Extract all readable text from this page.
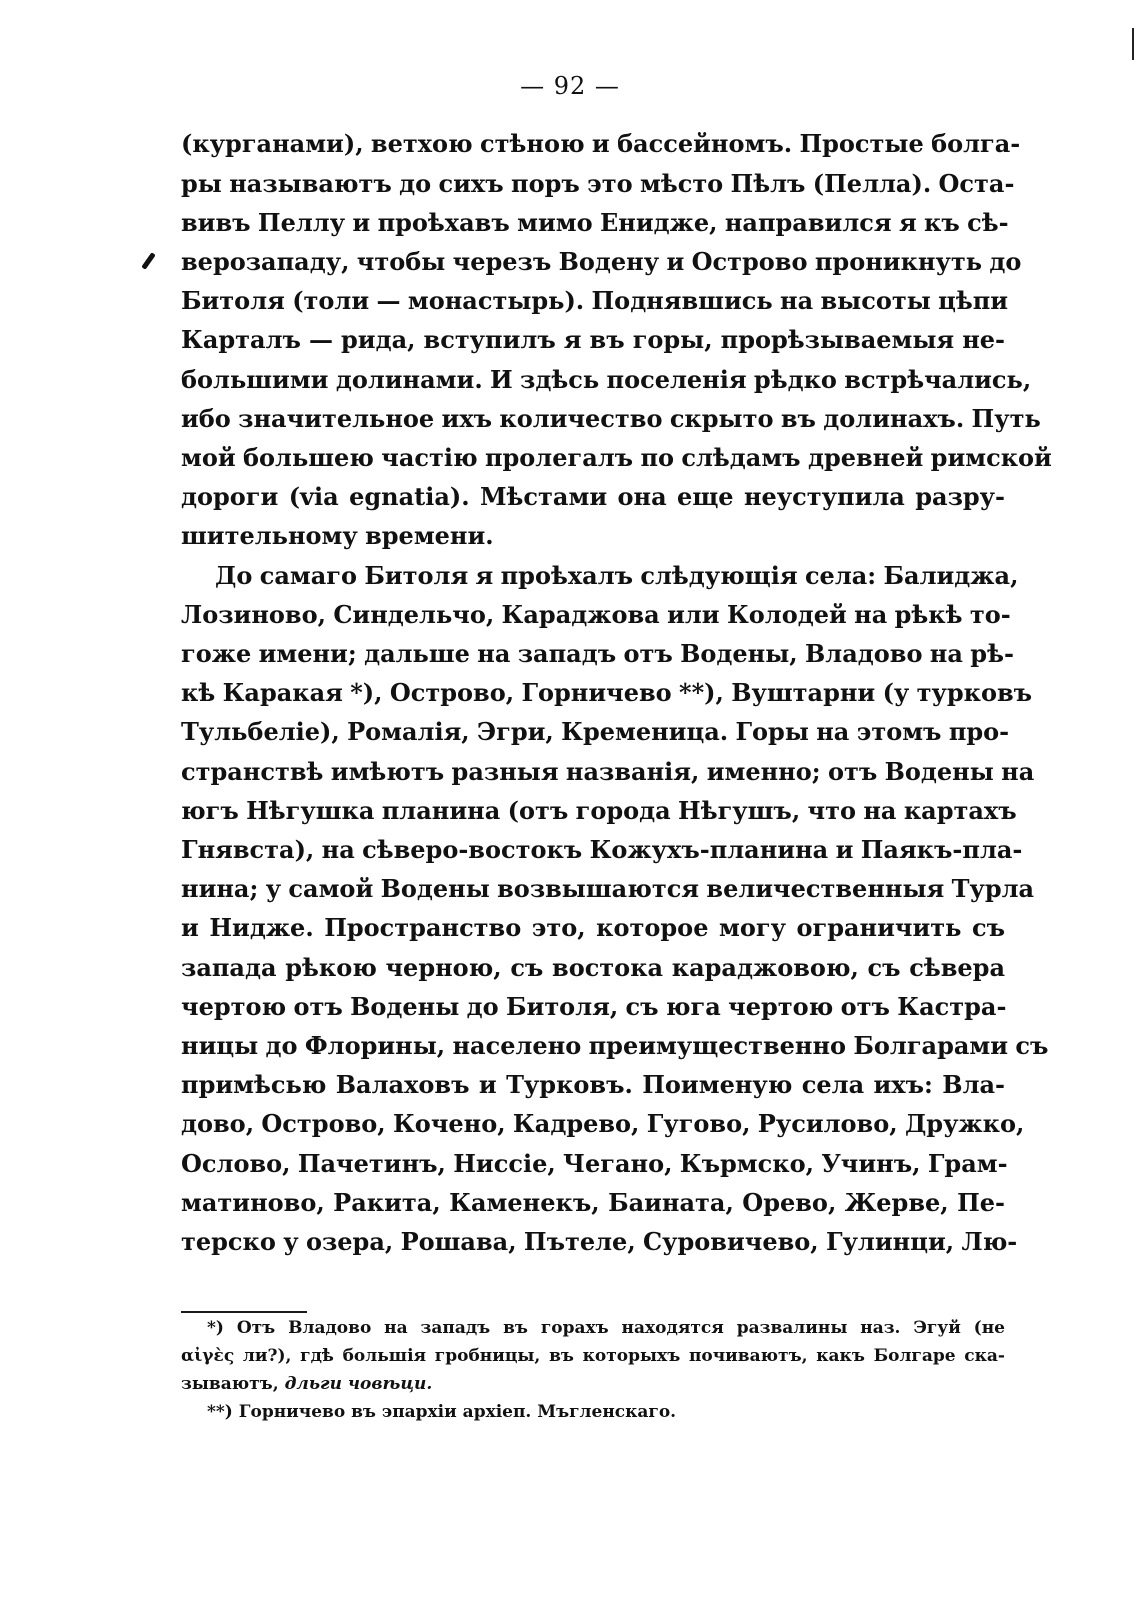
— 92 —
(курганами), ветхою стѣною и бассейномъ. Простые болга-
ры называютъ до сихъ поръ это мѣсто Пѣлъ (Пелла). Оста-
вивъ Пеллу и проѣхавъ мимо Енидже, направился я къ сѣ-
верозападу, чтобы черезъ Водену и Острово проникнуть до
Битоля (толи — монастырь). Поднявшись на высоты цѣпи
Карталъ — рида, вступилъ я въ горы, прорѣзываемыя не-
большими долинами. И здѣсь поселенія рѣдко встрѣчались,
ибо значительное ихъ количество скрыто въ долинахъ. Путь
мой большею частію пролегалъ по слѣдамъ древней римской
дороги (via egnatia). Мѣстами она еще неуступила разру-
шительному времени.
До самаго Битоля я проѣхалъ слѣдующія села: Балиджа,
Лозиново, Синдельчо, Караджова или Колодей на рѣкѣ то-
гоже имени; дальше на западъ отъ Водены, Владово на рѣ-
кѣ Каракая *), Острово, Горничево **), Вуштарни (у турковъ
Тульбеліе), Ромалія, Эгри, Кременица. Горы на этомъ про-
странствѣ имѣютъ разныя названія, именно; отъ Водены на
югъ Нѣгушка планина (отъ города Нѣгушъ, что на картахъ
Гнявста), на сѣверо-востокъ Кожухъ-планина и Паякъ-пла-
нина; у самой Водены возвышаются величественныя Турла
и Нидже. Пространство это, которое могу ограничить съ
запада рѣкою черною, съ востока караджовою, съ сѣвера
чертою отъ Водены до Битоля, съ юга чертою отъ Кастра-
ницы до Флорины, населено преимущественно Болгарами съ
примѣсью Валаховъ и Турковъ. Поименую села ихъ: Вла-
дово, Острово, Кочено, Кадрево, Гугово, Русилово, Дружко,
Ослово, Пачетинъ, Ниссіе, Чегано, Кърмско, Учинъ, Грам-
матиново, Ракита, Каменекъ, Баината, Орево, Жерве, Пе-
терско у озера, Рошава, Пътеле, Суровичево, Гулинци, Лю-
*) Отъ Владово на западъ въ горахъ находятся развалины наз. Эгуй (не
αἰγὲς ли?), гдѣ большія гробницы, въ которыхъ почиваютъ, какъ Болгаре ска-
зываютъ, дльги човѣци.
**) Горничево въ эпархіи архіеп. Мъгленскаго.
